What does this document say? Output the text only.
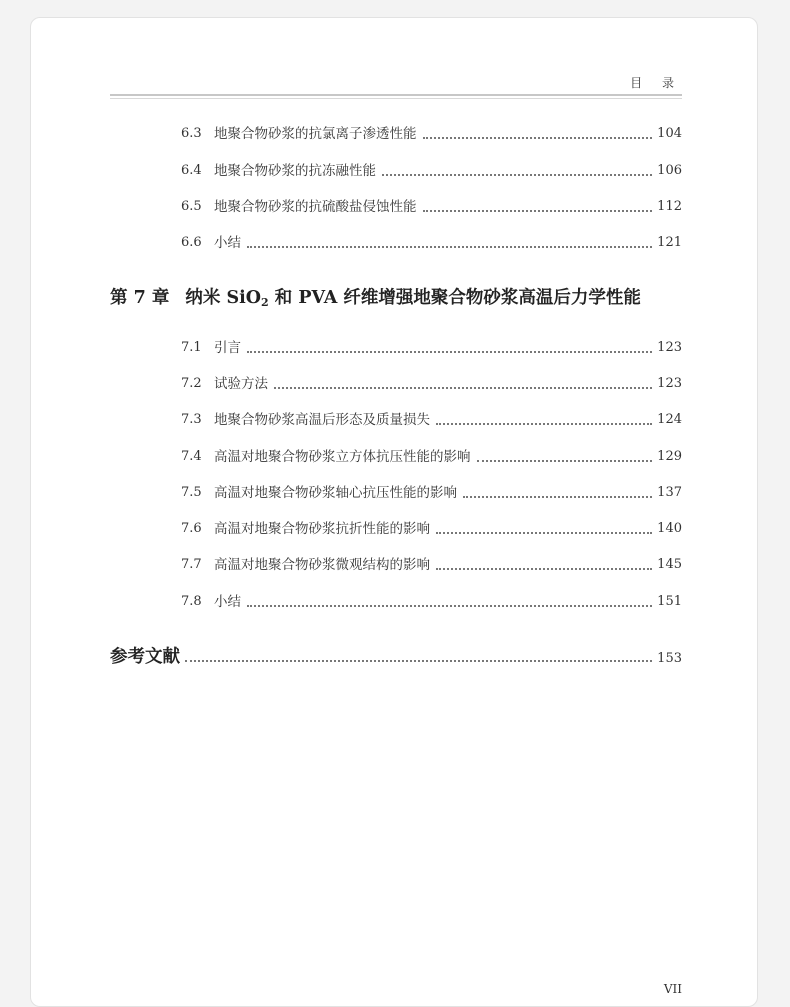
目 录
6.3 地聚合物砂浆的抗氯离子渗透性能	104
6.4 地聚合物砂浆的抗冻融性能	106
6.5 地聚合物砂浆的抗硫酸盐侵蚀性能	112
6.6 小结	121
第 7 章 纳米 SiO$_2$ 和 PVA 纤维增强地聚合物砂浆高温后力学性能
7.1 引言	123
7.2 试验方法	123
7.3 地聚合物砂浆高温后形态及质量损失	124
7.4 高温对地聚合物砂浆立方体抗压性能的影响	129
7.5 高温对地聚合物砂浆轴心抗压性能的影响	137
7.6 高温对地聚合物砂浆抗折性能的影响	140
7.7 高温对地聚合物砂浆微观结构的影响	145
7.8 小结	151
参考文献	153
VII
